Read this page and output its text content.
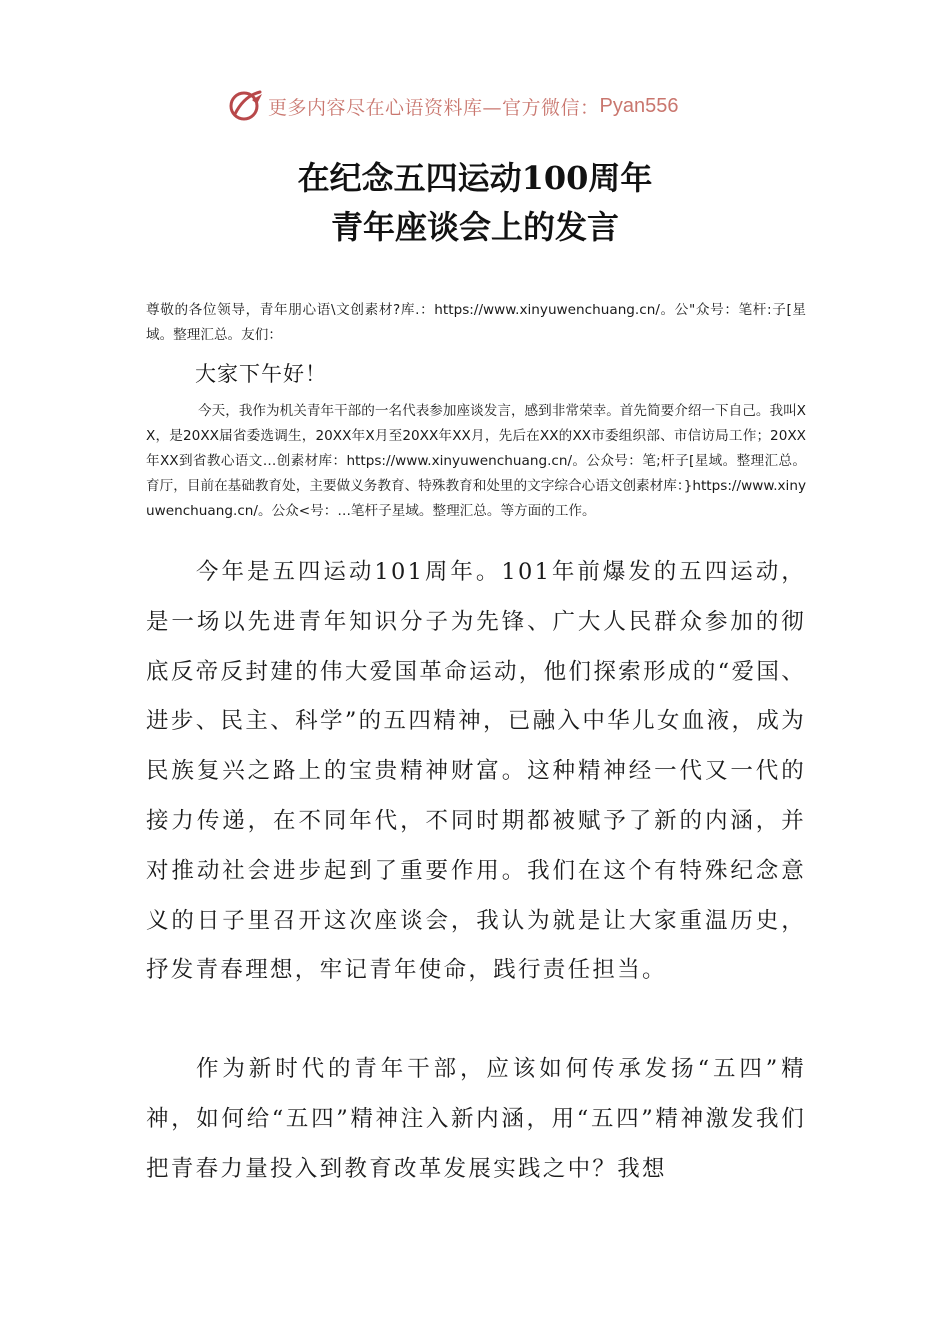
更多内容尽在心语资料库—官方微信： Pyan556
在纪念五四运动100周年
青年座谈会上的发言
尊敬的各位领导，青年朋心语\文创素材?库.：https://www.xinyuwenchuang.cn/。公"众号：笔杆:子[星域。整理汇总。友们：
大家下午好！
今天，我作为机关青年干部的一名代表参加座谈发言，感到非常荣幸。首先简要介绍一下自己。我叫XX，是20XX届省委选调生，20XX年X月至20XX年XX月，先后在XX的XX市委组织部、市信访局工作；20XX年XX到省教心语文…创素材库：https://www.xinyuwenchuang.cn/。公众号：笔;杆子[星域。整理汇总。育厅，目前在基础教育处，主要做义务教育、特殊教育和处里的文字综合心语文创素材库：}https://www.xinyuwenchuang.cn/。公众<号：…笔杆子星域。整理汇总。等方面的工作。
今年是五四运动101周年。101年前爆发的五四运动，是一场以先进青年知识分子为先锋、广大人民群众参加的彻底反帝反封建的伟大爱国革命运动，他们探索形成的“爱国、进步、民主、科学”的五四精神，已融入中华儿女血液，成为民族复兴之路上的宝贵精神财富。这种精神经一代又一代的接力传递，在不同年代，不同时期都被赋予了新的内涵，并对推动社会进步起到了重要作用。我们在这个有特殊纪念意义的日子里召开这次座谈会，我认为就是让大家重温历史，抒发青春理想，牢记青年使命，践行责任担当。
作为新时代的青年干部，应该如何传承发扬“五四”精神，如何给“五四”精神注入新内涵，用“五四”精神激发我们把青春力量投入到教育改革发展实践之中？我想
